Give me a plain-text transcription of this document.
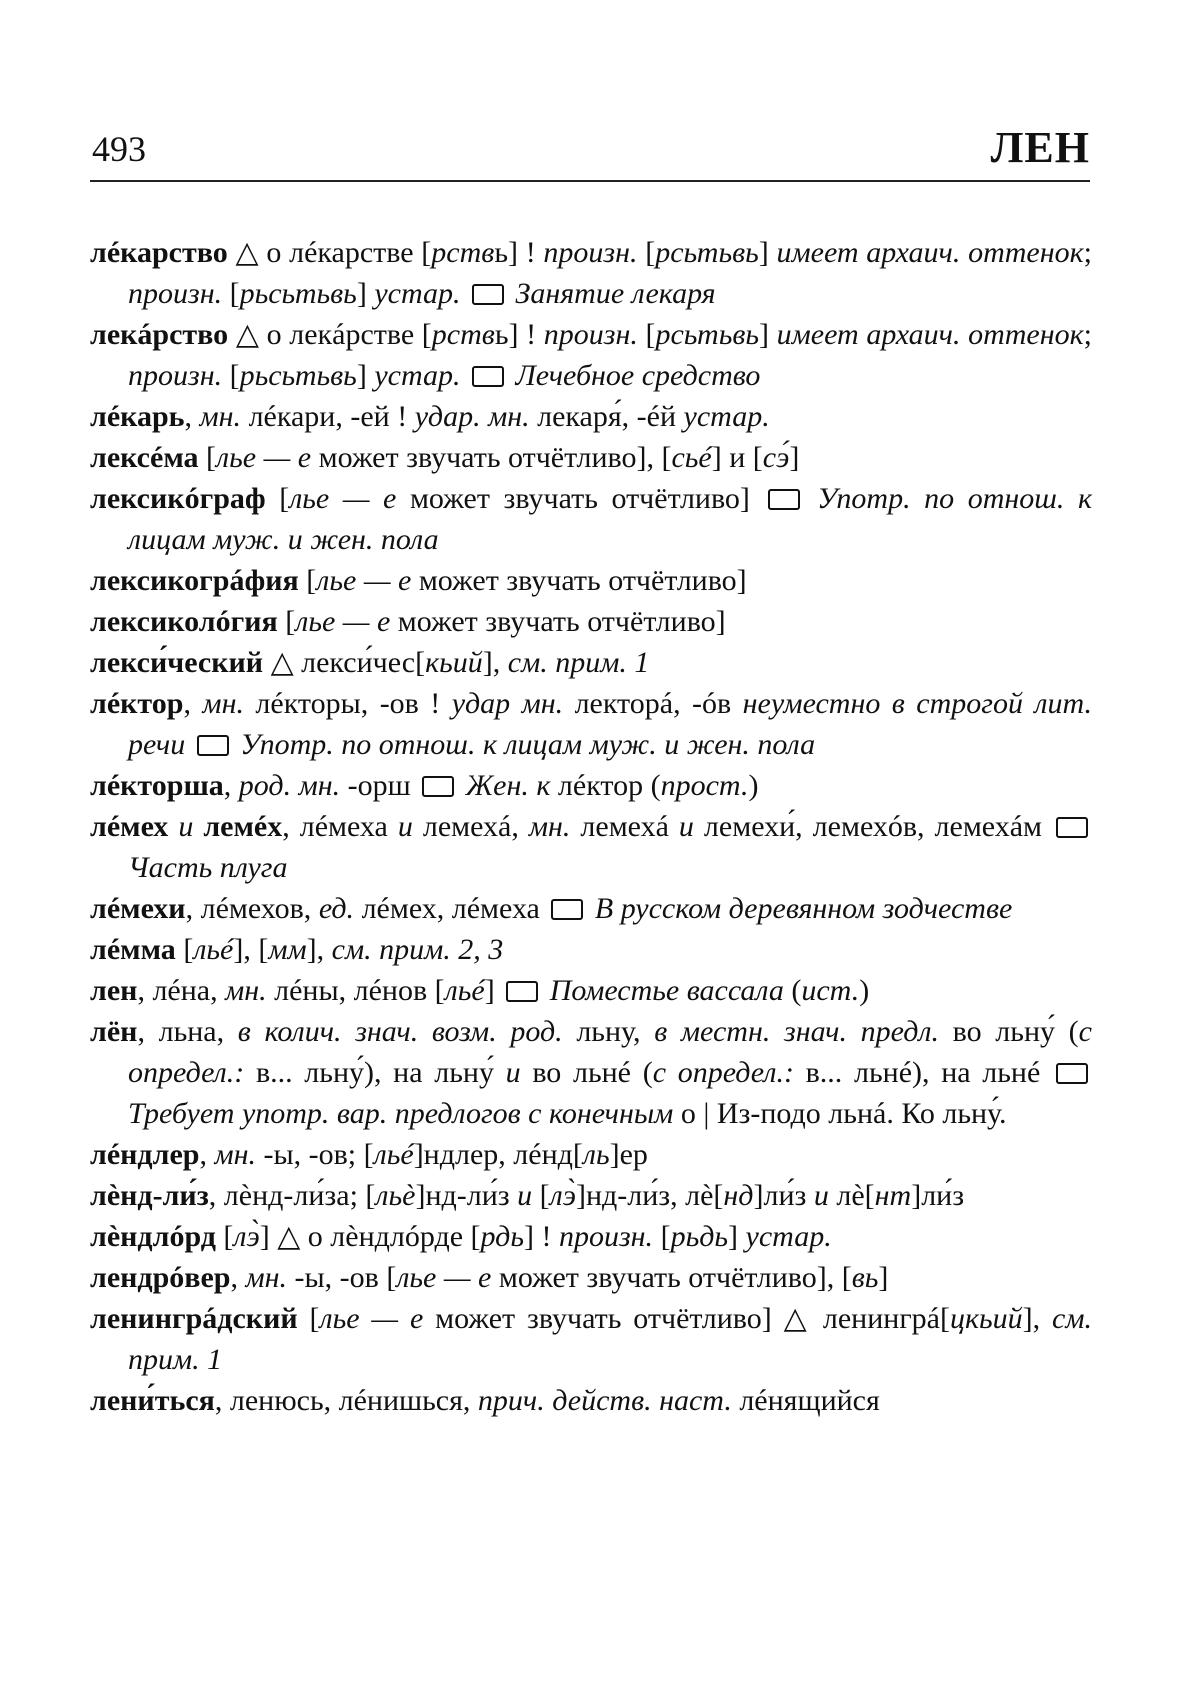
493	ЛЕН
лéкарство △ о лéкарстве [рствь] ! произн. [рсьтьвь] имеет архаич. оттенок; произн. [рьсьтьвь] устар. Занятие лекаря
лекáрство △ о лекáрстве [рствь] ! произн. [рсьтьвь] имеет архаич. оттенок; произн. [рьсьтьвь] устар. Лечебное средство
лéкарь, мн. лéкари, -ей ! удар. мн. лекаря́, -éй устар.
лексéма [льe — е может звучать отчётливо], [сьé] и [сэ́]
лексикóграф [льe — е может звучать отчётливо]  Употр. по отнош. к лицам муж. и жен. пола
лексикогрáфия [льe — е может звучать отчётливо]
лексиколóгия [льe — е может звучать отчётливо]
лекси́ческий △ лекси́чес[кьий], см. прим. 1
лéктор, мн. лéкторы, -ов ! удар мн. лекторá, -óв неуместно в строгой лит. речи Употр. по отнош. к лицам муж. и жен. пола
лéкторша, род. мн. -орш  Жен. к лéктор (прост.)
лéмех и лемéх, лéмеха и лемехá, мн. лемехá и лемехи́, лемехóв, лемехáм  Часть плуга
лéмехи, лéмехов, ед. лéмех, лéмеха  В русском деревянном зодчестве
лéмма [льé], [мм], см. прим. 2, 3
лен, лéна, мн. лéны, лéнов [льé]  Поместье вассала (ист.)
лён, льна, в колич. знач. возм. род. льну, в местн. знач. предл. во льну́ (с определ.: в... льну́), на льну́ и во льнé (с определ.: в... льнé), на льнé  Требует употр. вар. предлогов с конечным о | Из-подо льнá. Ко льну́.
лéндлер, мн. -ы, -ов; [льé]ндлер, лéнд[ль]ер
лѐнд-ли́з, лѐнд-ли́за; [льѐ]нд-ли́з и [лэ̀]нд-ли́з, лѐ[нд]ли́з и лѐ[нт]ли́з
лѐндлóрд [лэ̀] △ о лѐндлóрде [рдь] ! произн. [рьдь] устар.
лендрóвер, мн. -ы, -ов [льe — е может звучать отчётливо], [вь]
ленингрáдский [льe — е может звучать отчётливо] △ ленингрá[цкьий], см. прим. 1
лени́ться, ленюсь, лéнишься, прич. действ. наст. лéнящийся
